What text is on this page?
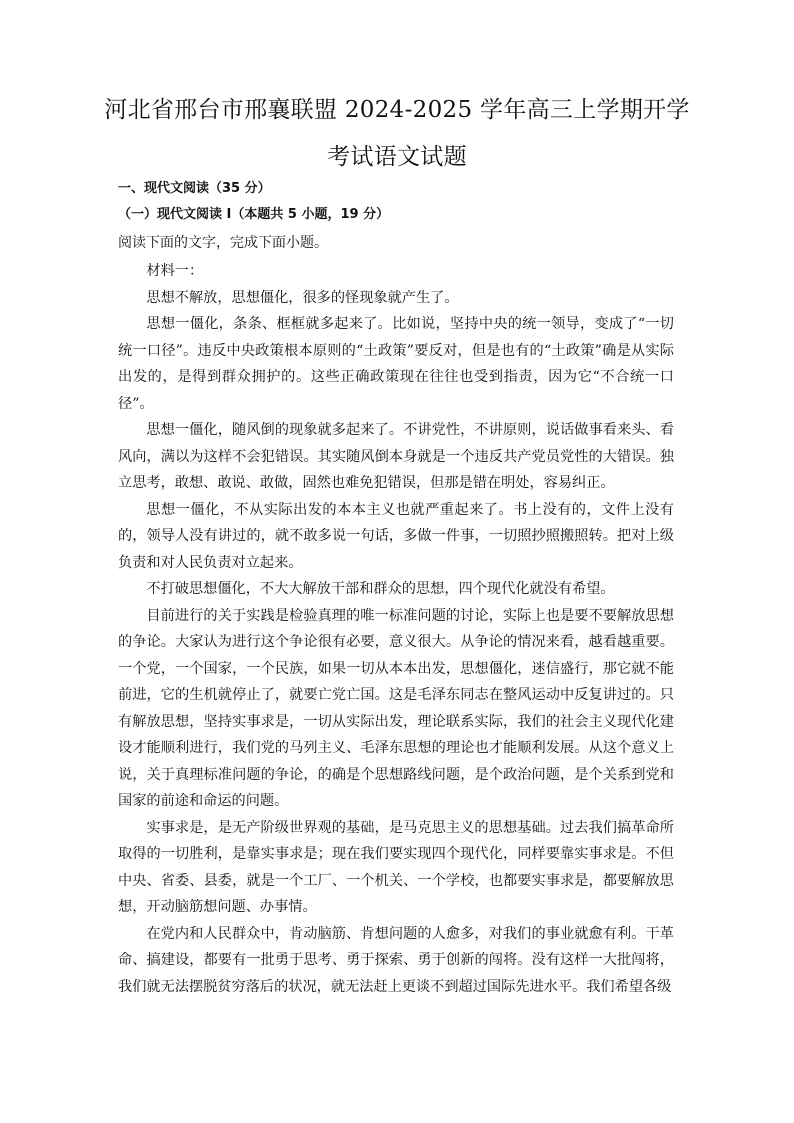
河北省邢台市邢襄联盟 2024-2025 学年高三上学期开学
考试语文试题
一、现代文阅读（35 分）
（一）现代文阅读 I（本题共 5 小题，19 分）
阅读下面的文字，完成下面小题。

材料一：

思想不解放，思想僵化，很多的怪现象就产生了。

思想一僵化，条条、框框就多起来了。比如说，坚持中央的统一领导，变成了“一切统一口径”。违反中央政策根本原则的“土政策”要反对，但是也有的“土政策”确是从实际出发的，是得到群众拥护的。这些正确政策现在往往也受到指责，因为它“不合统一口径”。

思想一僵化，随风倒的现象就多起来了。不讲党性，不讲原则，说话做事看来头、看风向，满以为这样不会犯错误。其实随风倒本身就是一个违反共产党员党性的大错误。独立思考，敢想、敢说、敢做，固然也难免犯错误，但那是错在明处，容易纠正。

思想一僵化，不从实际出发的本本主义也就严重起来了。书上没有的，文件上没有的，领导人没有讲过的，就不敢多说一句话，多做一件事，一切照抄照搬照转。把对上级负责和对人民负责对立起来。

不打破思想僵化，不大大解放干部和群众的思想，四个现代化就没有希望。

目前进行的关于实践是检验真理的唯一标准问题的讨论，实际上也是要不要解放思想的争论。大家认为进行这个争论很有必要，意义很大。从争论的情况来看，越看越重要。一个党，一个国家，一个民族，如果一切从本本出发，思想僵化，迷信盛行，那它就不能前进，它的生机就停止了，就要亡党亡国。这是毛泽东同志在整风运动中反复讲过的。只有解放思想，坚持实事求是，一切从实际出发，理论联系实际，我们的社会主义现代化建设才能顺利进行，我们党的马列主义、毛泽东思想的理论也才能顺利发展。从这个意义上说，关于真理标准问题的争论，的确是个思想路线问题，是个政治问题，是个关系到党和国家的前途和命运的问题。

实事求是，是无产阶级世界观的基础，是马克思主义的思想基础。过去我们搞革命所取得的一切胜利，是靠实事求是；现在我们要实现四个现代化，同样要靠实事求是。不但中央、省委、县委，就是一个工厂、一个机关、一个学校，也都要实事求是，都要解放思想，开动脑筋想问题、办事情。

在党内和人民群众中，肯动脑筋、肯想问题的人愈多，对我们的事业就愈有利。干革命、搞建设，都要有一批勇于思考、勇于探索、勇于创新的闯将。没有这样一大批闯将，我们就无法摆脱贫穷落后的状况，就无法赶上更谈不到超过国际先进水平。我们希望各级
